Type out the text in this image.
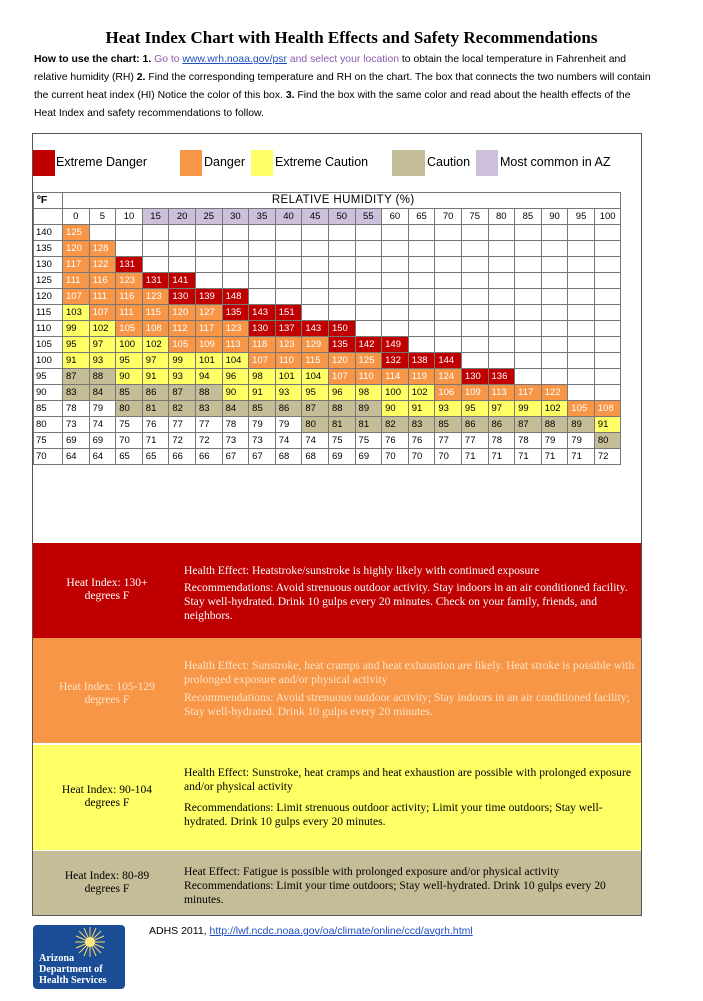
Heat Index Chart with Health Effects and Safety Recommendations
How to use the chart: 1. Go to www.wrh.noaa.gov/psr and select your location to obtain the local temperature in Fahrenheit and relative humidity (RH) 2. Find the corresponding temperature and RH on the chart. The box that connects the two numbers will contain the current heat index (HI) Notice the color of this box. 3. Find the box with the same color and read about the health effects of the Heat Index and safety recommendations to follow.
Extreme Danger	Danger Extreme Caution	Caution Most common in AZ
ºF	RELATIVE HUMIDITY (%)																				
	0	5	10	15	20	25	30	35	40	45	50	55	60	65	70	75	80	85	90	95	100
140	125																				
135	120	128																			
130	117	122	131																		
125	111	116	123	131	141																
120	107	111	116	123	130	139	148														
115	103	107	111	115	120	127	135	143	151												
110	99	102	105	108	112	117	123	130	137	143	150										
105	95	97	100	102	105	109	113	118	123	129	135	142	149								
100	91	93	95	97	99	101	104	107	110	115	120	125	132	138	144						
95	87	88	90	91	93	94	96	98	101	104	107	110	114	119	124	130	136				
90	83	84	85	86	87	88	90	91	93	95	96	98	100	102	106	109	113	117	122		
85	78	79	80	81	82	83	84	85	86	87	88	89	90	91	93	95	97	99	102	105	108
80	73	74	75	76	77	77	78	79	79	80	81	81	82	83	85	86	86	87	88	89	91
75	69	69	70	71	72	72	73	73	74	74	75	75	76	76	77	77	78	78	79	79	80
70	64	64	65	65	66	66	67	67	68	68	69	69	70	70	70	71	71	71	71	71	72
Heat Index: 130+ degrees F

Health Effect: Heatstroke/sunstroke is highly likely with continued exposure

Recommendations: Avoid strenuous outdoor activity. Stay indoors in an air conditioned facility. Stay well-hydrated. Drink 10 gulps every 20 minutes. Check on your family, friends, and neighbors.

Heat Index: 105-129 degrees F

Health Effect: Sunstroke, heat cramps and heat exhaustion are likely. Heat stroke is possible with prolonged exposure and/or physical activity

Recommendations: Avoid strenuous outdoor activity; Stay indoors in an air conditioned facility; Stay well-hydrated. Drink 10 gulps every 20 minutes.

Heat Index: 90-104 degrees F

Health Effect: Sunstroke, heat cramps and heat exhaustion are possible with prolonged exposure and/or physical activity

Recommendations: Limit strenuous outdoor activity; Limit your time outdoors; Stay well-hydrated. Drink 10 gulps every 20 minutes.

Heat Index: 80-89 degrees F

Heat Effect: Fatigue is possible with prolonged exposure and/or physical activity

Recommendations: Limit your time outdoors; Stay well-hydrated. Drink 10 gulps every 20 minutes.

Arizona
Department of
Health Services
ADHS 2011, http://lwf.ncdc.noaa.gov/oa/climate/online/ccd/avgrh.html
